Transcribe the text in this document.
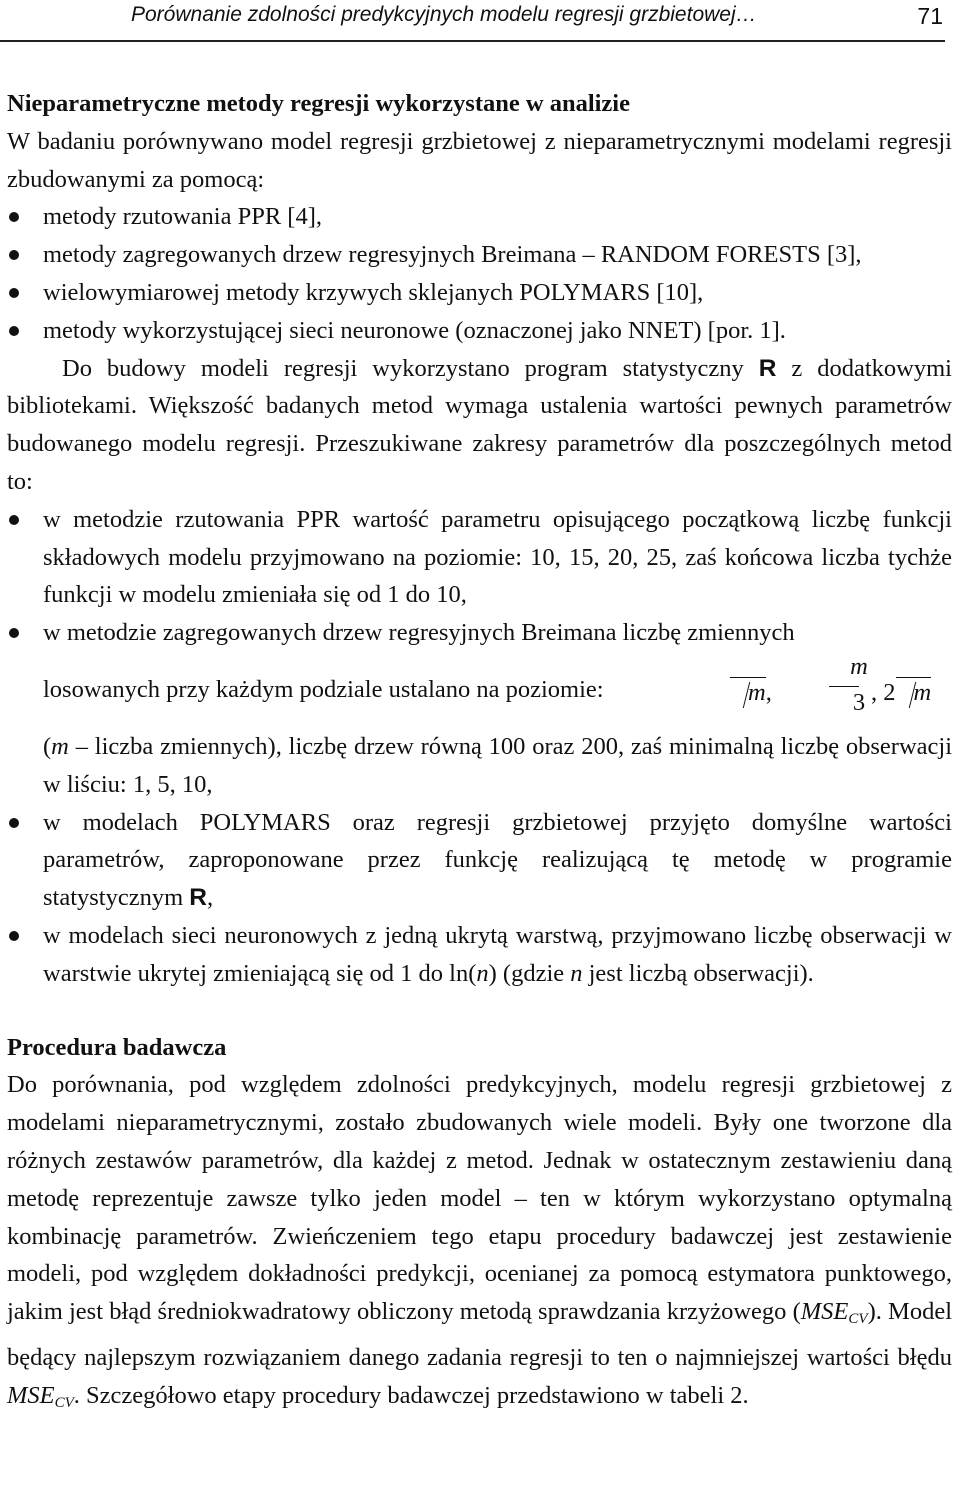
Porównanie zdolności predykcyjnych modelu regresji grzbietowej…	71
Nieparametryczne metody regresji wykorzystane w analizie

W badaniu porównywano model regresji grzbietowej z nieparametrycznymi modelami regresji zbudowanymi za pomocą:

metody rzutowania PPR [4],
metody zagregowanych drzew regresyjnych Breimana – RANDOM FORESTS [3],
wielowymiarowej metody krzywych sklejanych POLYMARS [10],
metody wykorzystującej sieci neuronowe (oznaczonej jako NNET) [por. 1].

Do budowy modeli regresji wykorzystano program statystyczny R z dodatkowymi bibliotekami. Większość badanych metod wymaga ustalenia wartości pewnych parametrów budowanego modelu regresji. Przeszukiwane zakresy parametrów dla poszczególnych metod to:

w metodzie rzutowania PPR wartość parametru opisującego początkową liczbę funkcji składowych modelu przyjmowano na poziomie: 10, 15, 20, 25, zaś końcowa liczba tychże funkcji w modelu zmieniała się od 1 do 10,
w metodzie zagregowanych drzew regresyjnych Breimana liczbę zmiennych
losowanych przy każdym podziale ustalano na poziomie:	m,
m
3 , 2 m
(m – liczba zmiennych), liczbę drzew równą 100 oraz 200, zaś minimalną liczbę obserwacji w liściu: 1, 5, 10,
w modelach POLYMARS oraz regresji grzbietowej przyjęto domyślne wartości parametrów, zaproponowane przez funkcję realizującą tę metodę w programie statystycznym R,
w modelach sieci neuronowych z jedną ukrytą warstwą, przyjmowano liczbę obserwacji w warstwie ukrytej zmieniającą się od 1 do ln(n) (gdzie n jest liczbą obserwacji).
Procedura badawcza

Do porównania, pod względem zdolności predykcyjnych, modelu regresji grzbietowej z modelami nieparametrycznymi, zostało zbudowanych wiele modeli. Były one tworzone dla różnych zestawów parametrów, dla każdej z metod. Jednak w ostatecznym zestawieniu daną metodę reprezentuje zawsze tylko jeden model – ten w którym wykorzystano optymalną kombinację parametrów. Zwieńczeniem tego etapu procedury badawczej jest zestawienie modeli, pod względem dokładności predykcji, ocenianej za pomocą estymatora punktowego, jakim jest błąd średniokwadratowy obliczony metodą sprawdzania krzyżowego $(MSE_{CV})$. Model będący najlepszym rozwiązaniem danego zadania regresji to ten o najmniejszej wartości błędu $MSE_{CV}$. Szczegółowo etapy procedury badawczej przedstawiono w tabeli 2.
